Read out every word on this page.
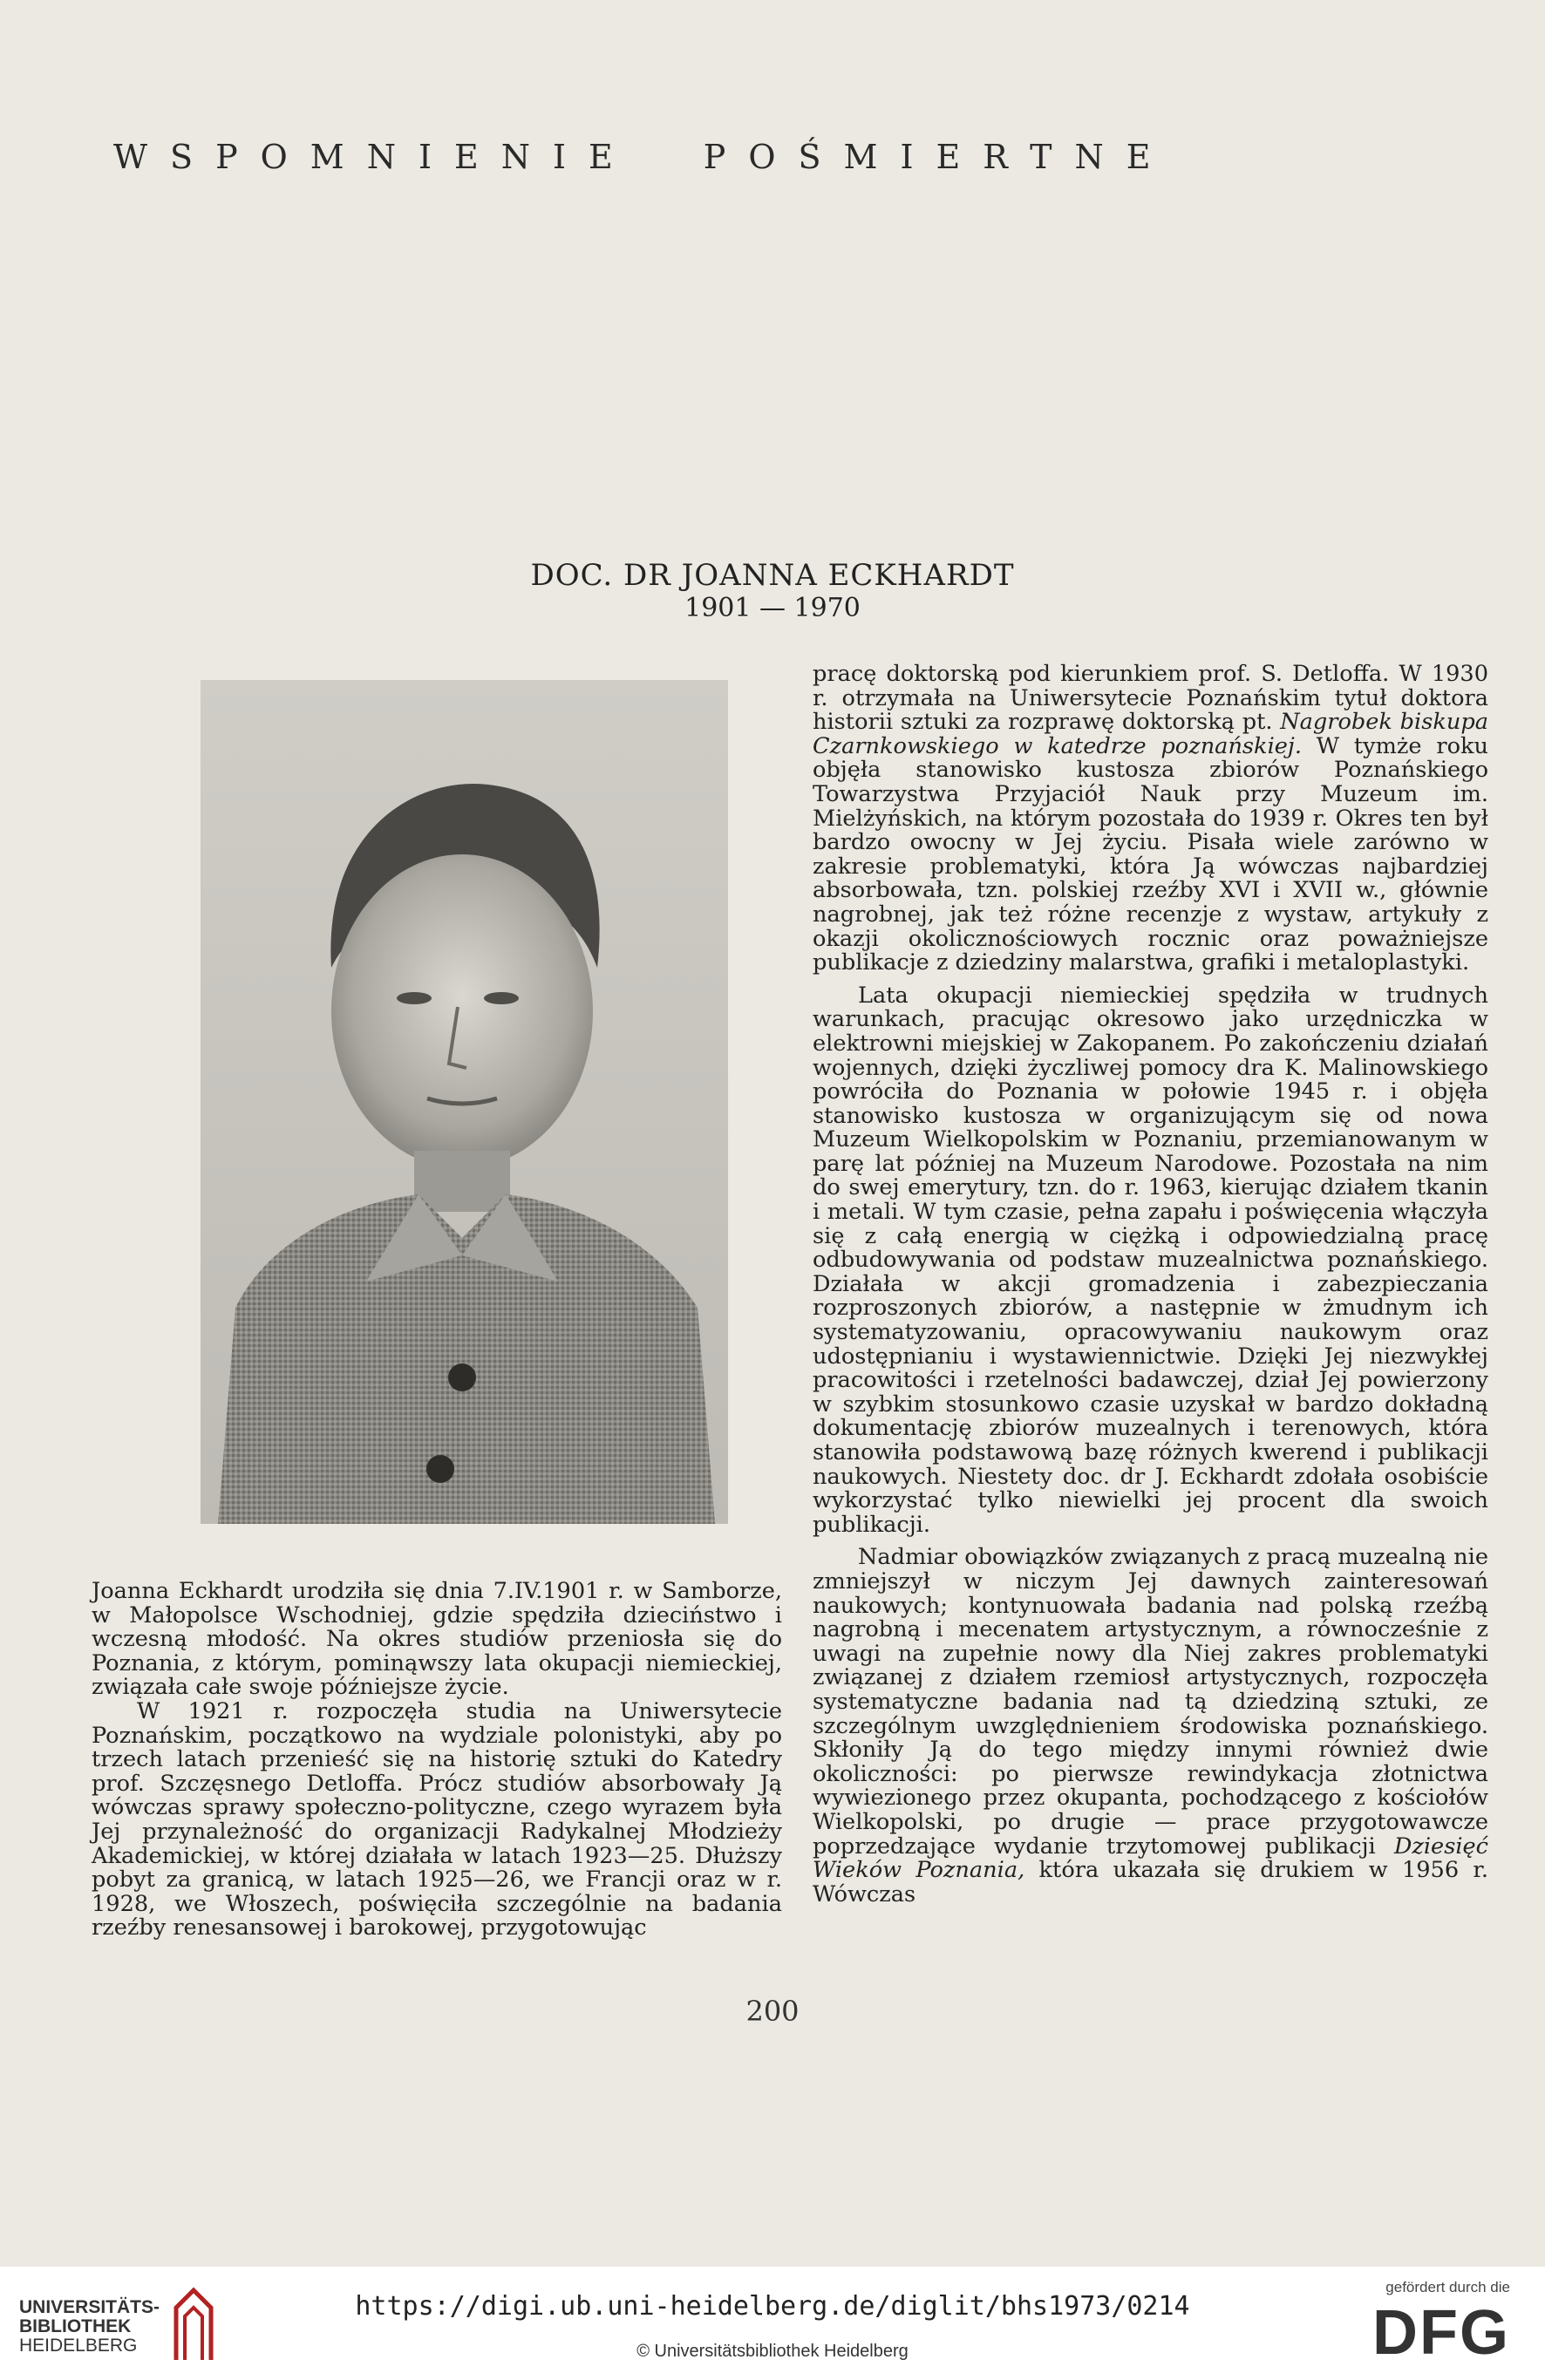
WSPOMNIENIE POŚMIERTNE
DOC. DR JOANNA ECKHARDT
1901 — 1970

Joanna Eckhardt urodziła się dnia 7.IV.1901 r. w Samborze, w Małopolsce Wschodniej, gdzie spędziła dzieciństwo i wczesną młodość. Na okres studiów przeniosła się do Poznania, z którym, pominąwszy lata okupacji niemieckiej, związała całe swoje późniejsze życie.

W 1921 r. rozpoczęła studia na Uniwersytecie Poznańskim, początkowo na wydziale polonistyki, aby po trzech latach przenieść się na historię sztuki do Katedry prof. Szczęsnego Detloffa. Prócz studiów absorbowały Ją wówczas sprawy społeczno-polityczne, czego wyrazem była Jej przynależność do organizacji Radykalnej Młodzieży Akademickiej, w której działała w latach 1923—25. Dłuższy pobyt za granicą, w latach 1925—26, we Francji oraz w r. 1928, we Włoszech, poświęciła szczególnie na badania rzeźby renesansowej i barokowej, przygotowując

pracę doktorską pod kierunkiem prof. S. Detloffa. W 1930 r. otrzymała na Uniwersytecie Poznańskim tytuł doktora historii sztuki za rozprawę doktorską pt. Nagrobek biskupa Czarnkowskiego w katedrze poznańskiej. W tymże roku objęła stanowisko kustosza zbiorów Poznańskiego Towarzystwa Przyjaciół Nauk przy Muzeum im. Mielżyńskich, na którym pozostała do 1939 r. Okres ten był bardzo owocny w Jej życiu. Pisała wiele zarówno w zakresie problematyki, która Ją wówczas najbardziej absorbowała, tzn. polskiej rzeźby XVI i XVII w., głównie nagrobnej, jak też różne recenzje z wystaw, artykuły z okazji okolicznościowych rocznic oraz poważniejsze publikacje z dziedziny malarstwa, grafiki i metaloplastyki.

Lata okupacji niemieckiej spędziła w trudnych warunkach, pracując okresowo jako urzędniczka w elektrowni miejskiej w Zakopanem. Po zakończeniu działań wojennych, dzięki życzliwej pomocy dra K. Malinowskiego powróciła do Poznania w połowie 1945 r. i objęła stanowisko kustosza w organizującym się od nowa Muzeum Wielkopolskim w Poznaniu, przemianowanym w parę lat później na Muzeum Narodowe. Pozostała na nim do swej emerytury, tzn. do r. 1963, kierując działem tkanin i metali. W tym czasie, pełna zapału i poświęcenia włączyła się z całą energią w ciężką i odpowiedzialną pracę odbudowywania od podstaw muzealnictwa poznańskiego. Działała w akcji gromadzenia i zabezpieczania rozproszonych zbiorów, a następnie w żmudnym ich systematyzowaniu, opracowywaniu naukowym oraz udostępnianiu i wystawiennictwie. Dzięki Jej niezwykłej pracowitości i rzetelności badawczej, dział Jej powierzony w szybkim stosunkowo czasie uzyskał w bardzo dokładną dokumentację zbiorów muzealnych i terenowych, która stanowiła podstawową bazę różnych kwerend i publikacji naukowych. Niestety doc. dr J. Eckhardt zdołała osobiście wykorzystać tylko niewielki jej procent dla swoich publikacji.

Nadmiar obowiązków związanych z pracą muzealną nie zmniejszył w niczym Jej dawnych zainteresowań naukowych; kontynuowała badania nad polską rzeźbą nagrobną i mecenatem artystycznym, a równocześnie z uwagi na zupełnie nowy dla Niej zakres problematyki związanej z działem rzemiosł artystycznych, rozpoczęła systematyczne badania nad tą dziedziną sztuki, ze szczególnym uwzględnieniem środowiska poznańskiego. Skłoniły Ją do tego między innymi również dwie okoliczności: po pierwsze rewindykacja złotnictwa wywiezionego przez okupanta, pochodzącego z kościołów Wielkopolski, po drugie — prace przygotowawcze poprzedzające wydanie trzytomowej publikacji Dziesięć Wieków Poznania, która ukazała się drukiem w 1956 r. Wówczas

200
UNIVERSITÄTS-
BIBLIOTHEK
HEIDELBERG
https://digi.ub.uni-heidelberg.de/diglit/bhs1973/0214
© Universitätsbibliothek Heidelberg
gefördert durch die
DFG
